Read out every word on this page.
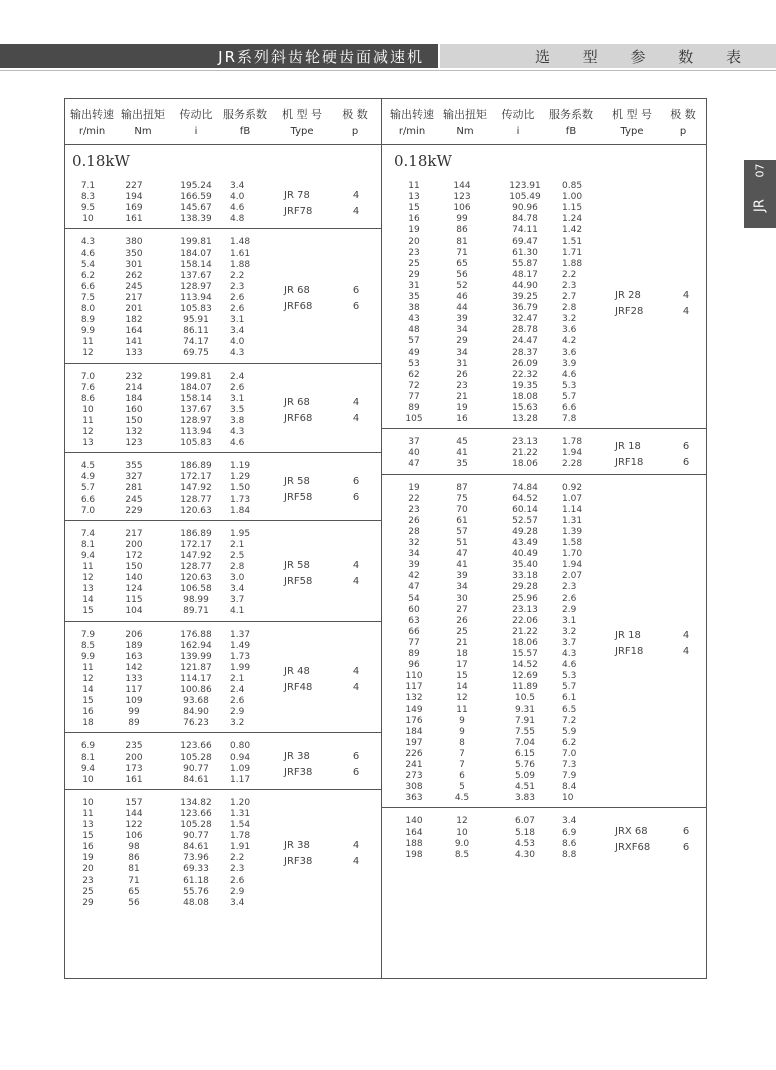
JR系列斜齿轮硬齿面减速机	选 型 参 数 表
07
JR
输出转速 输出扭矩	传动比 服务系数	机 型 号	极 数
r/min	Nm	i	fB	Type	p
输出转速 输出扭矩	传动比	服务系数	机 型 号	极 数
r/min	Nm	i	fB	Type	p
0.18kW	0.18kW
7.1	227	195.24	3.4
8.3	194	166.59	4.0
9.5	169	145.67	4.6
10	161	138.39	4.8
JR 78	4
JRF78	4
4.3	380	199.81	1.48
4.6	350	184.07	1.61
5.4	301	158.14	1.88
6.2	262	137.67	2.2
6.6	245	128.97	2.3
7.5	217	113.94	2.6
8.0	201	105.83	2.6
8.9	182	95.91	3.1
9.9	164	86.11	3.4
11	141	74.17	4.0
12	133	69.75	4.3
JR 68	6
JRF68	6
7.0	232	199.81	2.4
7.6	214	184.07	2.6
8.6	184	158.14	3.1
10	160	137.67	3.5
11	150	128.97	3.8
12	132	113.94	4.3
13	123	105.83	4.6
JR 68	4
JRF68	4
4.5	355	186.89	1.19
4.9	327	172.17	1.29
5.7	281	147.92	1.50
6.6	245	128.77	1.73
7.0	229	120.63	1.84
JR 58	6
JRF58	6
7.4	217	186.89	1.95
8.1	200	172.17	2.1
9.4	172	147.92	2.5
11	150	128.77	2.8
12	140	120.63	3.0
13	124	106.58	3.4
14	115	98.99	3.7
15	104	89.71	4.1
JR 58	4
JRF58	4
7.9	206	176.88	1.37
8.5	189	162.94	1.49
9.9	163	139.99	1.73
11	142	121.87	1.99
12	133	114.17	2.1
14	117	100.86	2.4
15	109	93.68	2.6
16	99	84.90	2.9
18	89	76.23	3.2
JR 48	4
JRF48	4
6.9	235	123.66	0.80
8.1	200	105.28	0.94
9.4	173	90.77	1.09
10	161	84.61	1.17
JR 38	6
JRF38	6
10	157	134.82	1.20
11	144	123.66	1.31
13	122	105.28	1.54
15	106	90.77	1.78
16	98	84.61	1.91
19	86	73.96	2.2
20	81	69.33	2.3
23	71	61.18	2.6
25	65	55.76	2.9
29	56	48.08	3.4
JR 38	4
JRF38	4
11	144	123.91	0.85
13	123	105.49	1.00
15	106	90.96	1.15
16	99	84.78	1.24
19	86	74.11	1.42
20	81	69.47	1.51
23	71	61.30	1.71
25	65	55.87	1.88
29	56	48.17	2.2
31	52	44.90	2.3
35	46	39.25	2.7
38	44	36.79	2.8
43	39	32.47	3.2
48	34	28.78	3.6
57	29	24.47	4.2
49	34	28.37	3.6
53	31	26.09	3.9
62	26	22.32	4.6
72	23	19.35	5.3
77	21	18.08	5.7
89	19	15.63	6.6
105	16	13.28	7.8
JR 28	4
JRF28	4
37	45	23.13	1.78
40	41	21.22	1.94
47	35	18.06	2.28
JR 18	6
JRF18	6
19	87	74.84	0.92
22	75	64.52	1.07
23	70	60.14	1.14
26	61	52.57	1.31
28	57	49.28	1.39
32	51	43.49	1.58
34	47	40.49	1.70
39	41	35.40	1.94
42	39	33.18	2.07
47	34	29.28	2.3
54	30	25.96	2.6
60	27	23.13	2.9
63	26	22.06	3.1
66	25	21.22	3.2
77	21	18.06	3.7
89	18	15.57	4.3
96	17	14.52	4.6
110	15	12.69	5.3
117	14	11.89	5.7
132	12	10.5	6.1
149	11	9.31	6.5
176	9	7.91	7.2
184	9	7.55	5.9
197	8	7.04	6.2
226	7	6.15	7.0
241	7	5.76	7.3
273	6	5.09	7.9
308	5	4.51	8.4
363	4.5	3.83	10
JR 18	4
JRF18	4
140	12	6.07	3.4
164	10	5.18	6.9
188	9.0	4.53	8.6
198	8.5	4.30	8.8
JRX 68	6
JRXF68	6
